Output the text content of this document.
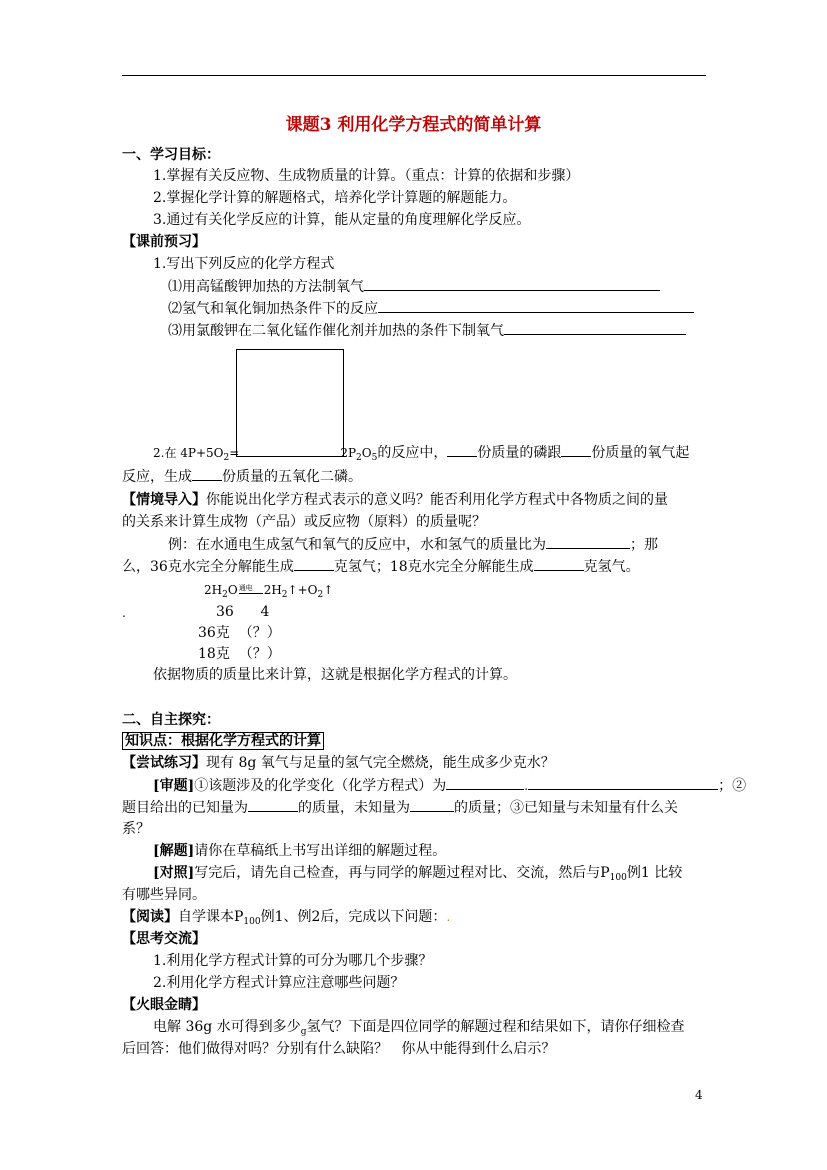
课题3 利用化学方程式的简单计算
一、学习目标：
1.掌握有关反应物、生成物质量的计算。（重点：计算的依据和步骤）
2.掌握化学计算的解题格式，培养化学计算题的解题能力。
3.通过有关化学反应的计算，能从定量的角度理解化学反应。
【课前预习】
1.写出下列反应的化学方程式
⑴用高锰酸钾加热的方法制氧气
⑵氢气和氧化铜加热条件下的反应
⑶用氯酸钾在二氧化锰作催化剂并加热的条件下制氧气
2.在 $4P+5O_2=$	$2P_2O_5$的反应中， 份质量的磷跟 份质量的氧气起
反应，生成 份质量的五氧化二磷。
【情境导入】你能说出化学方程式表示的意义吗？能否利用化学方程式中各物质之间的量
的关系来计算生成物（产品）或反应物（原料）的质量呢？
例：在水通电生成氢气和氧气的反应中，水和氢气的质量比为	；那
么，36克水完全分解能生成	克氢气；18克水完全分解能生成	克氢气。
$2H_2O$ 通电 $2H_2↑+O_2↑$
.	36      4
36克  （？）
18克  （？）
依据物质的质量比来计算，这就是根据化学方程式的计算。
二、自主探究：
知识点：根据化学方程式的计算
【尝试练习】现有 8g 氧气与足量的氢气完全燃烧，能生成多少克水？
[审题]①该题涉及的化学变化（化学方程式）为	.	；②
题目给出的已知量为	的质量，未知量为	的质量；③已知量与未知量有什么关
系？
[解题]请你在草稿纸上书写出详细的解题过程。
[对照]写完后，请先自己检查，再与同学的解题过程对比、交流，然后与$P_{100}$例1 比较
有哪些异同。
【阅读】自学课本$P_{100}$例1、例2后，完成以下问题：.
【思考交流】
1.利用化学方程式计算的可分为哪几个步骤？
2.利用化学方程式计算应注意哪些问题？
【火眼金睛】
电解 36g 水可得到多少$_g$氢气？下面是四位同学的解题过程和结果如下，请你仔细检查
后回答：他们做得对吗？分别有什么缺陷？   你从中能得到什么启示？
4
